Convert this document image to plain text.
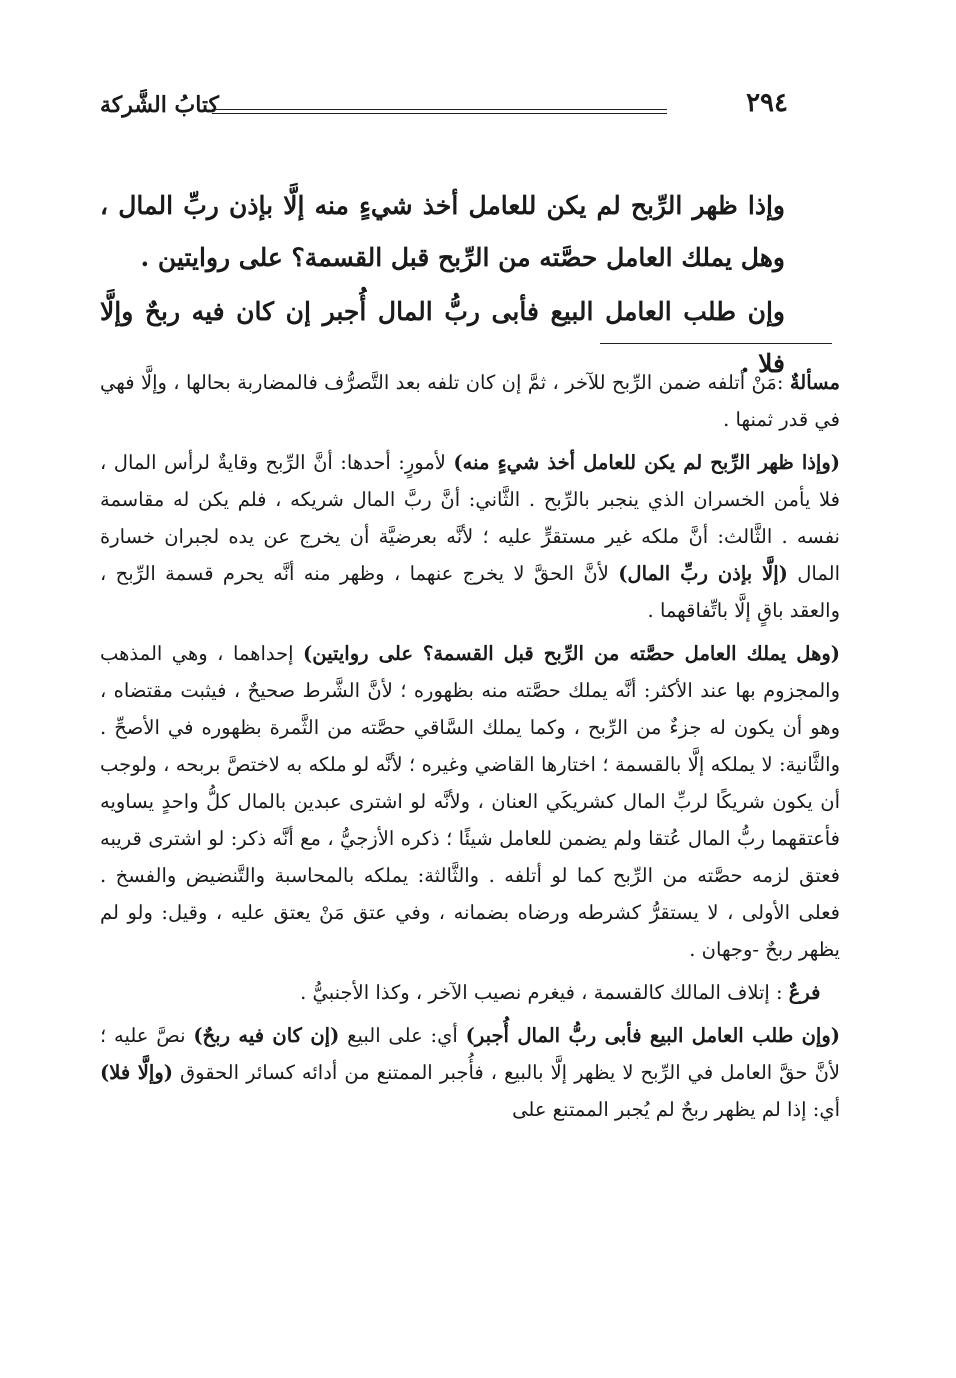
كتابُ الشَّركة	٢٩٤

وإذا ظهر الرِّبح لم يكن للعامل أخذ شيءٍ منه إلَّا بإذن ربِّ المال ، وهل يملك العامل حصَّته من الرِّبح قبل القسمة؟ على روايتين .

وإن طلب العامل البيع فأبى ربُّ المال أُجبر إن كان فيه ربحٌ وإلَّا فلا .

مسألةٌ :مَنْ أتلفه ضمن الرِّبح للآخر ، ثمَّ إن كان تلفه بعد التَّصرُّف فالمضاربة بحالها ، وإلَّا فهي في قدر ثمنها .

(وإذا ظهر الرِّبح لم يكن للعامل أخذ شيءٍ منه) لأمورٍ: أحدها: أنَّ الرِّبح وقايةٌ لرأس المال ، فلا يأمن الخسران الذي ينجبر بالرِّبح . الثَّاني: أنَّ ربَّ المال شريكه ، فلم يكن له مقاسمة نفسه . الثَّالث: أنَّ ملكه غير مستقرٍّ عليه ؛ لأنَّه بعرضيَّة أن يخرج عن يده لجبران خسارة المال (إلَّا بإذن ربِّ المال) لأنَّ الحقَّ لا يخرج عنهما ، وظهر منه أنَّه يحرم قسمة الرِّبح ، والعقد باقٍ إلَّا باتِّفاقهما .

(وهل يملك العامل حصَّته من الرِّبح قبل القسمة؟ على روايتين) إحداهما ، وهي المذهب والمجزوم بها عند الأكثر: أنَّه يملك حصَّته منه بظهوره ؛ لأنَّ الشَّرط صحيحٌ ، فيثبت مقتضاه ، وهو أن يكون له جزءٌ من الرِّبح ، وكما يملك السَّاقي حصَّته من الثَّمرة بظهوره في الأصحِّ . والثَّانية: لا يملكه إلَّا بالقسمة ؛ اختارها القاضي وغيره ؛ لأنَّه لو ملكه به لاختصَّ بربحه ، ولوجب أن يكون شريكًا لربِّ المال كشريكَي العنان ، ولأنَّه لو اشترى عبدين بالمال كلُّ واحدٍ يساويه فأعتقهما ربُّ المال عُتقا ولم يضمن للعامل شيئًا ؛ ذكره الأزجيُّ ، مع أنَّه ذكر: لو اشترى قريبه فعتق لزمه حصَّته من الرِّبح كما لو أتلفه . والثَّالثة: يملكه بالمحاسبة والتَّنضيض والفسخ . فعلى الأولى ، لا يستقرُّ كشرطه ورضاه بضمانه ، وفي عتق مَنْ يعتق عليه ، وقيل: ولو لم يظهر ربحٌ -وجهان .

 فرعٌ : إتلاف المالك كالقسمة ، فيغرم نصيب الآخر ، وكذا الأجنبيُّ .

(وإن طلب العامل البيع فأبى ربُّ المال أُجبر) أي: على البيع (إن كان فيه ربحٌ) نصَّ عليه ؛ لأنَّ حقَّ العامل في الرِّبح لا يظهر إلَّا بالبيع ، فأُجبر الممتنع من أدائه كسائر الحقوق (وإلَّا فلا) أي: إذا لم يظهر ربحٌ لم يُجبر الممتنع على
